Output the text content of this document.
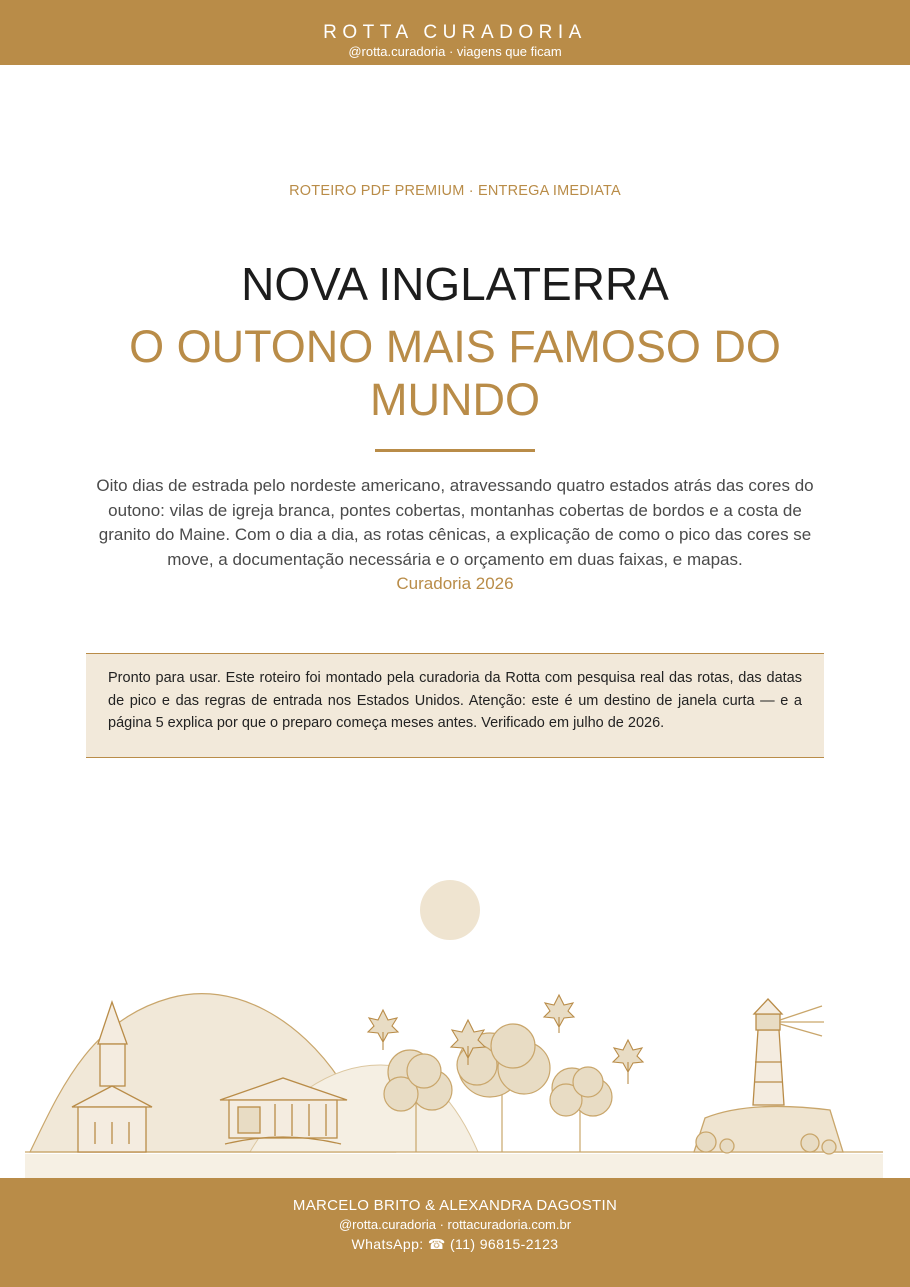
ROTTA CURADORIA
@rotta.curadoria · viagens que ficam
ROTEIRO PDF PREMIUM · ENTREGA IMEDIATA
NOVA INGLATERRA
O OUTONO MAIS FAMOSO DO MUNDO
Oito dias de estrada pelo nordeste americano, atravessando quatro estados atrás das cores do outono: vilas de igreja branca, pontes cobertas, montanhas cobertas de bordos e a costa de granito do Maine. Com o dia a dia, as rotas cênicas, a explicação de como o pico das cores se move, a documentação necessária e o orçamento em duas faixas, e mapas.
Curadoria 2026
Pronto para usar. Este roteiro foi montado pela curadoria da Rotta com pesquisa real das rotas, das datas de pico e das regras de entrada nos Estados Unidos. Atenção: este é um destino de janela curta — e a página 5 explica por que o preparo começa meses antes. Verificado em julho de 2026.
MARCELO BRITO & ALEXANDRA DAGOSTIN
@rotta.curadoria · rottacuradoria.com.br
WhatsApp: ☎ (11) 96815-2123
